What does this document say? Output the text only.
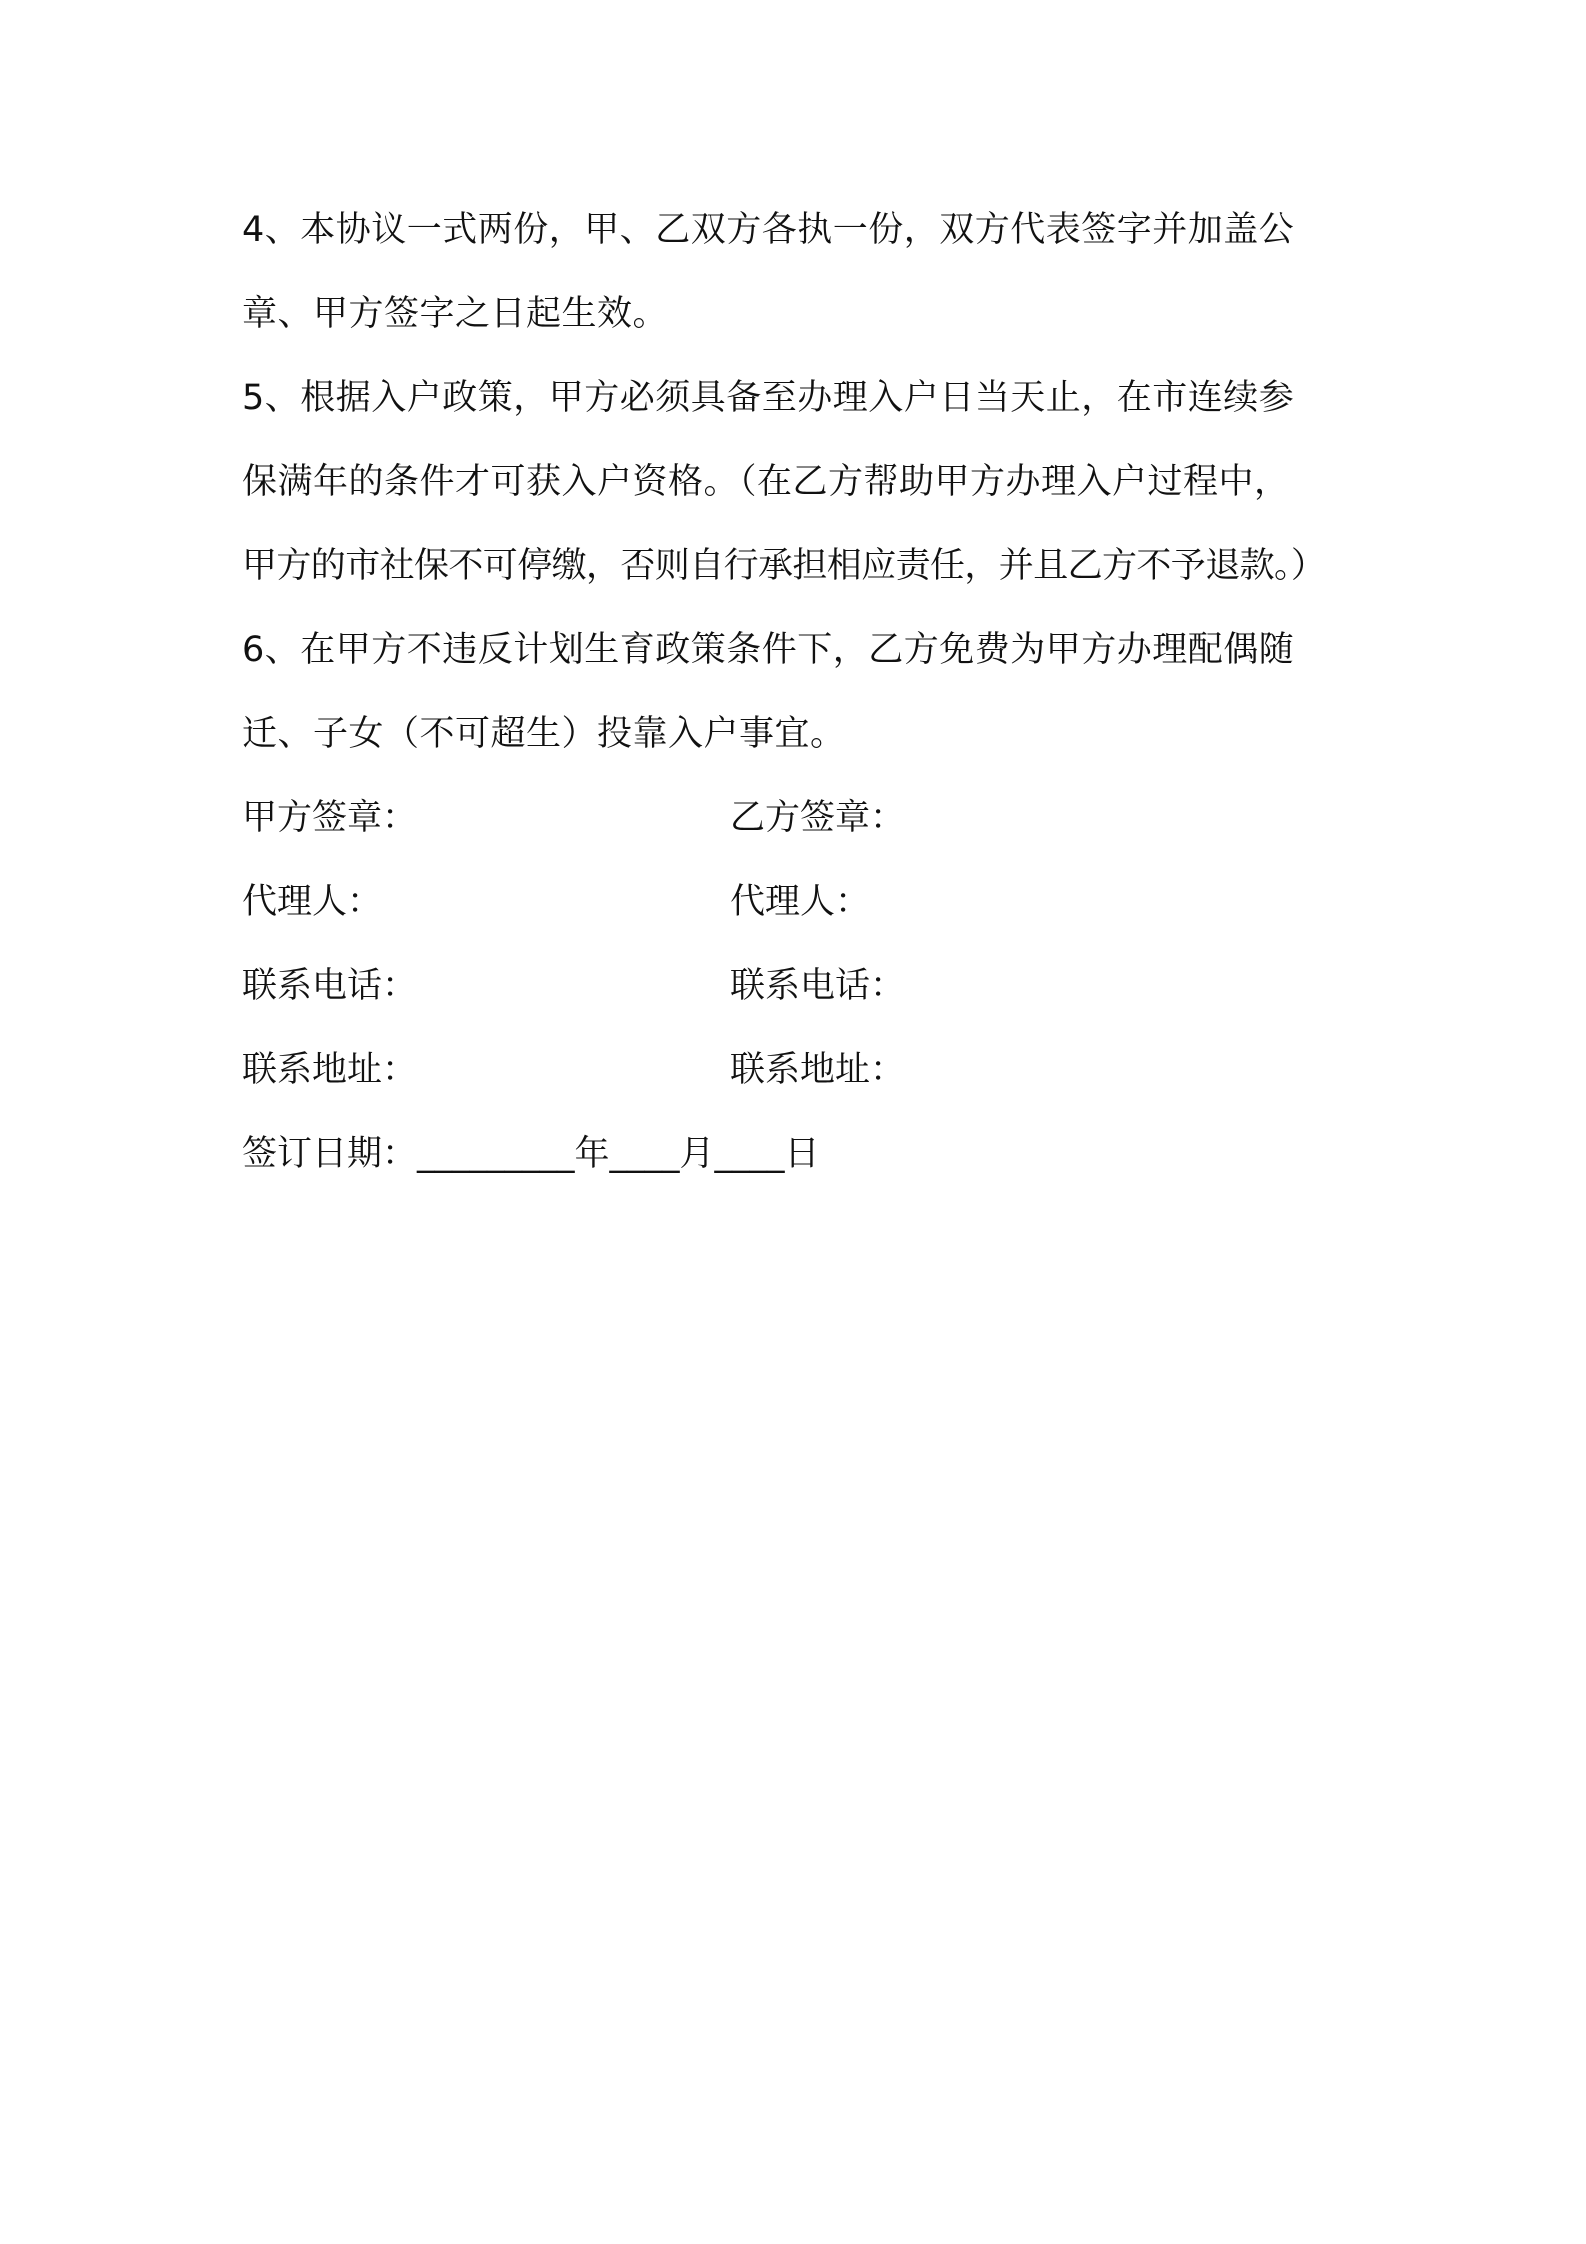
4、本协议一式两份，甲、乙双方各执一份，双方代表签字并加盖公
章、甲方签字之日起生效。
5、根据入户政策，甲方必须具备至办理入户日当天止，在市连续参
保满年的条件才可获入户资格。（在乙方帮助甲方办理入户过程中，
甲方的市社保不可停缴，否则自行承担相应责任，并且乙方不予退款。）
6、在甲方不违反计划生育政策条件下，乙方免费为甲方办理配偶随
迁、子女（不可超生）投靠入户事宜。
甲方签章：	乙方签章：
代理人：	代理人：
联系电话：	联系电话：
联系地址：	联系地址：
签订日期：_________年____月____日
